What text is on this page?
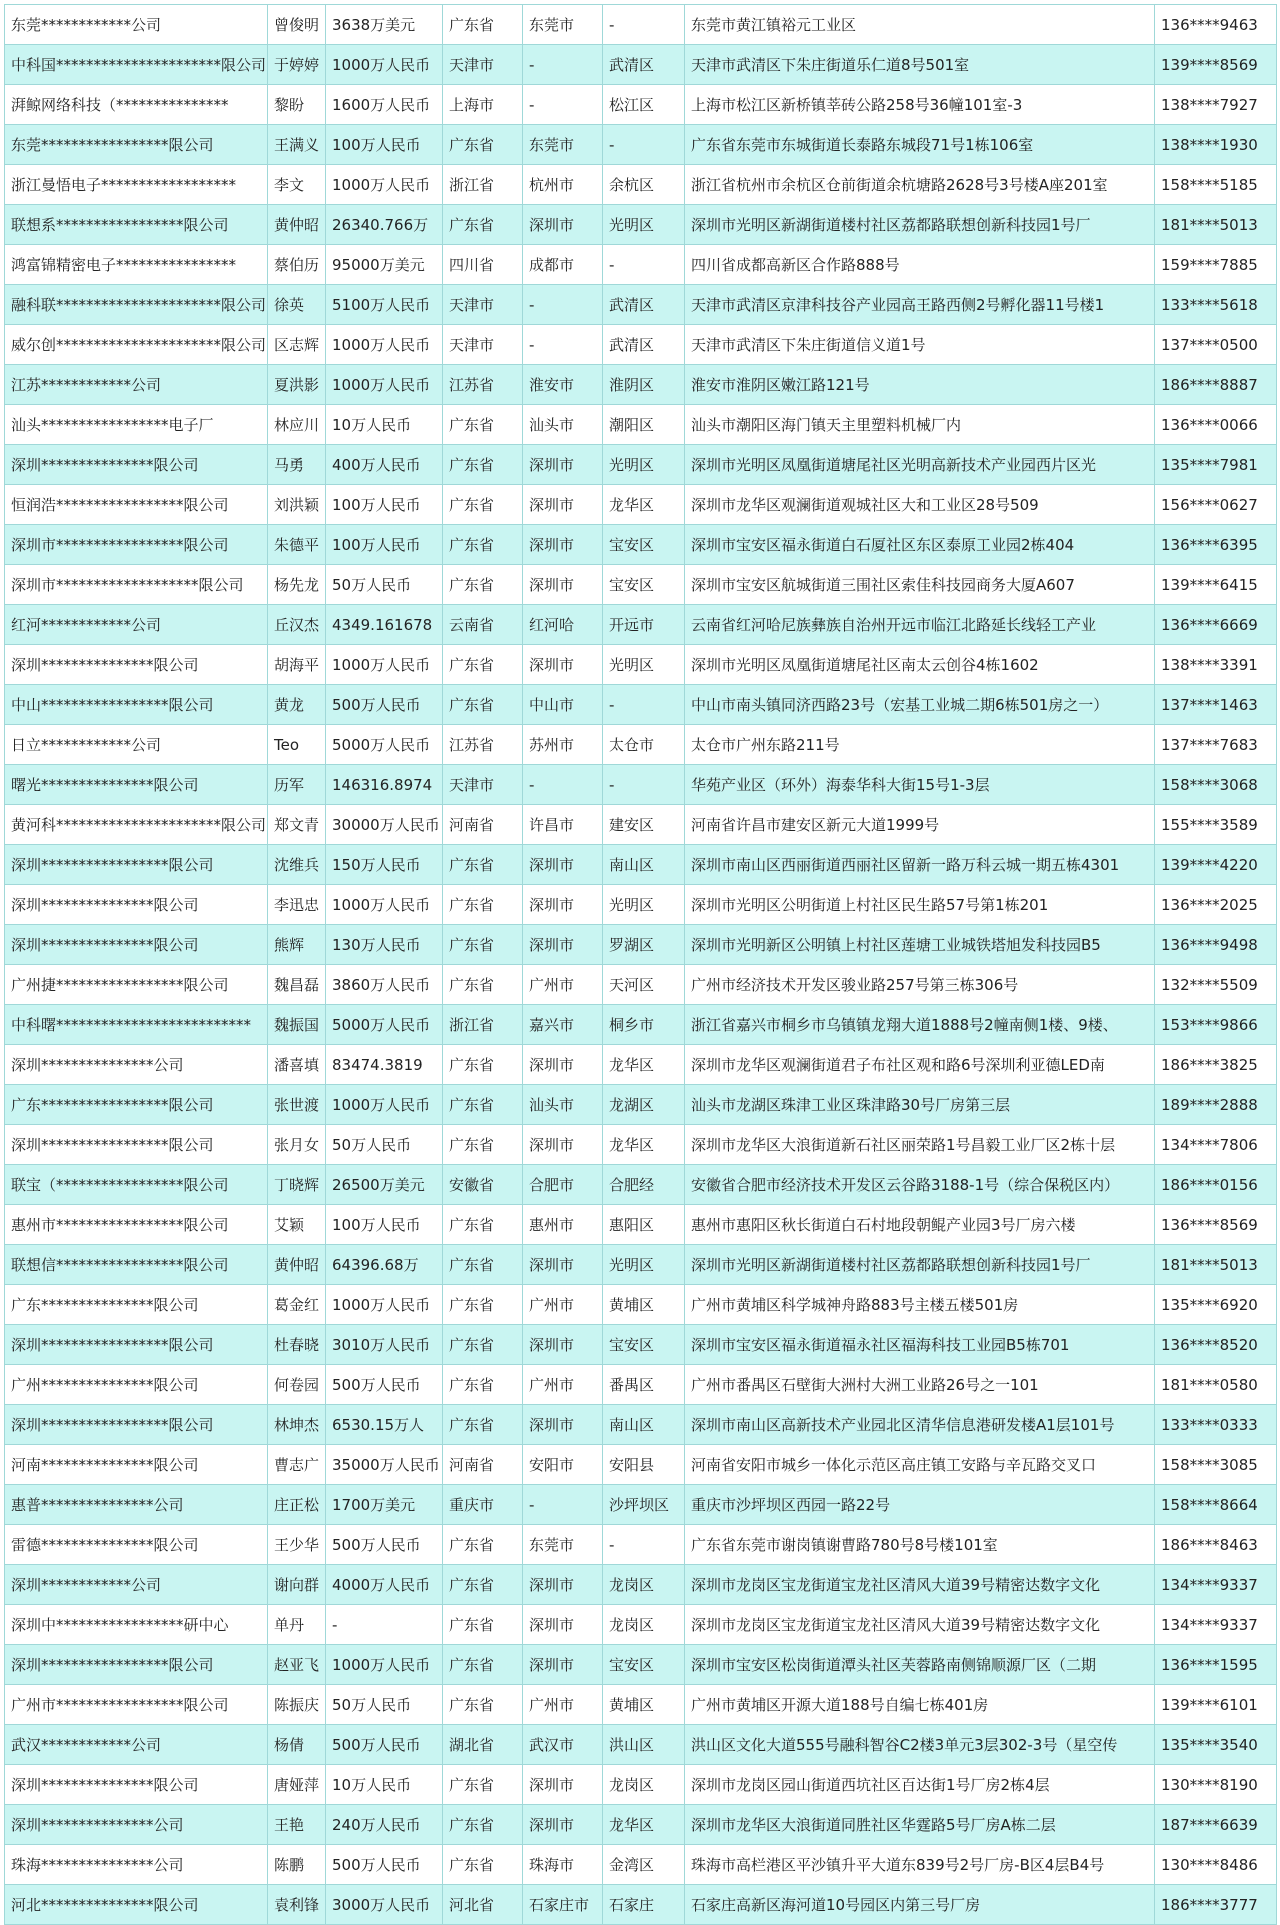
东莞************公司	曾俊明	3638万美元	广东省	东莞市	-	东莞市黄江镇裕元工业区	136****9463
中科国**********************限公司	于婷婷	1000万人民币	天津市	-	武清区	天津市武清区下朱庄街道乐仁道8号501室	139****8569
湃鲸网络科技（***************	黎盼	1600万人民币	上海市	-	松江区	上海市松江区新桥镇莘砖公路258号36幢101室-3	138****7927
东莞*****************限公司	王满义	100万人民币	广东省	东莞市	-	广东省东莞市东城街道长泰路东城段71号1栋106室	138****1930
浙江曼悟电子******************	李文	1000万人民币	浙江省	杭州市	余杭区	浙江省杭州市余杭区仓前街道余杭塘路2628号3号楼A座201室	158****5185
联想系*****************限公司	黄仲昭	26340.766万	广东省	深圳市	光明区	深圳市光明区新湖街道楼村社区荔都路联想创新科技园1号厂	181****5013
鸿富锦精密电子****************	蔡伯历	95000万美元	四川省	成都市	-	四川省成都高新区合作路888号	159****7885
融科联**********************限公司	徐英	5100万人民币	天津市	-	武清区	天津市武清区京津科技谷产业园高王路西侧2号孵化器11号楼1	133****5618
威尔创**********************限公司	区志辉	1000万人民币	天津市	-	武清区	天津市武清区下朱庄街道信义道1号	137****0500
江苏************公司	夏洪影	1000万人民币	江苏省	淮安市	淮阴区	淮安市淮阴区嫩江路121号	186****8887
汕头*****************电子厂	林应川	10万人民币	广东省	汕头市	潮阳区	汕头市潮阳区海门镇天主里塑料机械厂内	136****0066
深圳***************限公司	马勇	400万人民币	广东省	深圳市	光明区	深圳市光明区凤凰街道塘尾社区光明高新技术产业园西片区光	135****7981
恒润浩*****************限公司	刘洪颖	100万人民币	广东省	深圳市	龙华区	深圳市龙华区观澜街道观城社区大和工业区28号509	156****0627
深圳市*****************限公司	朱德平	100万人民币	广东省	深圳市	宝安区	深圳市宝安区福永街道白石厦社区东区泰原工业园2栋404	136****6395
深圳市*******************限公司	杨先龙	50万人民币	广东省	深圳市	宝安区	深圳市宝安区航城街道三围社区索佳科技园商务大厦A607	139****6415
红河************公司	丘汉杰	4349.161678	云南省	红河哈	开远市	云南省红河哈尼族彝族自治州开远市临江北路延长线轻工产业	136****6669
深圳***************限公司	胡海平	1000万人民币	广东省	深圳市	光明区	深圳市光明区凤凰街道塘尾社区南太云创谷4栋1602	138****3391
中山*****************限公司	黄龙	500万人民币	广东省	中山市	-	中山市南头镇同济西路23号（宏基工业城二期6栋501房之一）	137****1463
日立************公司	Teo	5000万人民币	江苏省	苏州市	太仓市	太仓市广州东路211号	137****7683
曙光***************限公司	历军	146316.8974	天津市	-	-	华苑产业区（环外）海泰华科大街15号1-3层	158****3068
黄河科**********************限公司	郑文青	30000万人民币	河南省	许昌市	建安区	河南省许昌市建安区新元大道1999号	155****3589
深圳*****************限公司	沈维兵	150万人民币	广东省	深圳市	南山区	深圳市南山区西丽街道西丽社区留新一路万科云城一期五栋4301	139****4220
深圳***************限公司	李迅忠	1000万人民币	广东省	深圳市	光明区	深圳市光明区公明街道上村社区民生路57号第1栋201	136****2025
深圳***************限公司	熊辉	130万人民币	广东省	深圳市	罗湖区	深圳市光明新区公明镇上村社区莲塘工业城铁塔旭发科技园B5	136****9498
广州捷*****************限公司	魏昌磊	3860万人民币	广东省	广州市	天河区	广州市经济技术开发区骏业路257号第三栋306号	132****5509
中科曙**************************	魏振国	5000万人民币	浙江省	嘉兴市	桐乡市	浙江省嘉兴市桐乡市乌镇镇龙翔大道1888号2幢南侧1楼、9楼、	153****9866
深圳***************公司	潘喜填	83474.3819	广东省	深圳市	龙华区	深圳市龙华区观澜街道君子布社区观和路6号深圳利亚德LED南	186****3825
广东*****************限公司	张世渡	1000万人民币	广东省	汕头市	龙湖区	汕头市龙湖区珠津工业区珠津路30号厂房第三层	189****2888
深圳*****************限公司	张月女	50万人民币	广东省	深圳市	龙华区	深圳市龙华区大浪街道新石社区丽荣路1号昌毅工业厂区2栋十层	134****7806
联宝（*****************限公司	丁晓辉	26500万美元	安徽省	合肥市	合肥经	安徽省合肥市经济技术开发区云谷路3188-1号（综合保税区内）	186****0156
惠州市*****************限公司	艾颖	100万人民币	广东省	惠州市	惠阳区	惠州市惠阳区秋长街道白石村地段朝鲲产业园3号厂房六楼	136****8569
联想信*****************限公司	黄仲昭	64396.68万	广东省	深圳市	光明区	深圳市光明区新湖街道楼村社区荔都路联想创新科技园1号厂	181****5013
广东***************限公司	葛金红	1000万人民币	广东省	广州市	黄埔区	广州市黄埔区科学城神舟路883号主楼五楼501房	135****6920
深圳*****************限公司	杜春晓	3010万人民币	广东省	深圳市	宝安区	深圳市宝安区福永街道福永社区福海科技工业园B5栋701	136****8520
广州***************限公司	何卷园	500万人民币	广东省	广州市	番禺区	广州市番禺区石壁街大洲村大洲工业路26号之一101	181****0580
深圳*****************限公司	林坤杰	6530.15万人	广东省	深圳市	南山区	深圳市南山区高新技术产业园北区清华信息港研发楼A1层101号	133****0333
河南***************限公司	曹志广	35000万人民币	河南省	安阳市	安阳县	河南省安阳市城乡一体化示范区高庄镇工安路与辛瓦路交叉口	158****3085
惠普***************公司	庄正松	1700万美元	重庆市	-	沙坪坝区	重庆市沙坪坝区西园一路22号	158****8664
雷德***************限公司	王少华	500万人民币	广东省	东莞市	-	广东省东莞市谢岗镇谢曹路780号8号楼101室	186****8463
深圳************公司	谢向群	4000万人民币	广东省	深圳市	龙岗区	深圳市龙岗区宝龙街道宝龙社区清风大道39号精密达数字文化	134****9337
深圳中*****************研中心	单丹	-	广东省	深圳市	龙岗区	深圳市龙岗区宝龙街道宝龙社区清风大道39号精密达数字文化	134****9337
深圳*****************限公司	赵亚飞	1000万人民币	广东省	深圳市	宝安区	深圳市宝安区松岗街道潭头社区芙蓉路南侧锦顺源厂区（二期	136****1595
广州市*****************限公司	陈振庆	50万人民币	广东省	广州市	黄埔区	广州市黄埔区开源大道188号自编七栋401房	139****6101
武汉************公司	杨倩	500万人民币	湖北省	武汉市	洪山区	洪山区文化大道555号融科智谷C2楼3单元3层302-3号（星空传	135****3540
深圳***************限公司	唐娅萍	10万人民币	广东省	深圳市	龙岗区	深圳市龙岗区园山街道西坑社区百达街1号厂房2栋4层	130****8190
深圳***************公司	王艳	240万人民币	广东省	深圳市	龙华区	深圳市龙华区大浪街道同胜社区华霆路5号厂房A栋二层	187****6639
珠海***************公司	陈鹏	500万人民币	广东省	珠海市	金湾区	珠海市高栏港区平沙镇升平大道东839号2号厂房-B区4层B4号	130****8486
河北***************限公司	袁利锋	3000万人民币	河北省	石家庄市	石家庄	石家庄高新区海河道10号园区内第三号厂房	186****3777
